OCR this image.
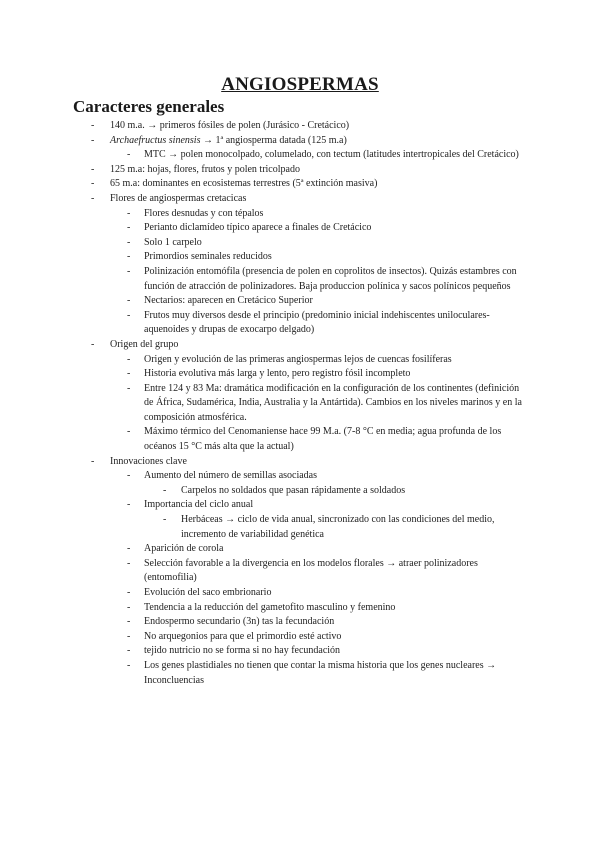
ANGIOSPERMAS
Caracteres generales

- 140 m.a. → primeros fósiles de polen (Jurásico - Cretácico)

- Archaefructus sinensis → 1ª angiosperma datada (125 m.a)

- MTC → polen monocolpado, columelado, con tectum (latitudes intertropicales del Cretácico)

- 125 m.a: hojas, flores, frutos y polen tricolpado

- 65 m.a: dominantes en ecosistemas terrestres (5ª extinción masiva)

- Flores de angiospermas cretacicas

- Flores desnudas y con tépalos

- Perianto diclamídeo típico aparece a finales de Cretácico

- Solo 1 carpelo

- Primordios seminales reducidos

- Polinización entomófila (presencia de polen en coprolitos de insectos). Quizás estambres con función de atracción de polinizadores. Baja produccion polínica y sacos polínicos pequeños

- Nectarios: aparecen en Cretácico Superior

- Frutos muy diversos desde el principio (predominio inicial indehiscentes uniloculares-aquenoides y drupas de exocarpo delgado)

- Origen del grupo

- Origen y evolución de las primeras angiospermas lejos de cuencas fosilíferas

- Historia evolutiva más larga y lento, pero registro fósil incompleto

- Entre 124 y 83 Ma: dramática modificación en la configuración de los continentes (definición de África, Sudamérica, India, Australia y la Antártida). Cambios en los niveles marinos y en la composición atmosférica.

- Máximo térmico del Cenomaniense hace 99 M.a. (7-8 °C en media; agua profunda de los océanos 15 °C más alta que la actual)

- Innovaciones clave

- Aumento del número de semillas asociadas

- Carpelos no soldados que pasan rápidamente a soldados

- Importancia del ciclo anual

- Herbáceas → ciclo de vida anual, sincronizado con las condiciones del medio, incremento de variabilidad genética

- Aparición de corola

- Selección favorable a la divergencia en los modelos florales → atraer polinizadores (entomofilia)

- Evolución del saco embrionario

- Tendencia a la reducción del gametofito masculino y femenino

- Endospermo secundario (3n) tas la fecundación

- No arquegonios para que el primordio esté activo

- tejido nutricio no se forma si no hay fecundación

- Los genes plastidiales no tienen que contar la misma historia que los genes nucleares → Inconcluencias
